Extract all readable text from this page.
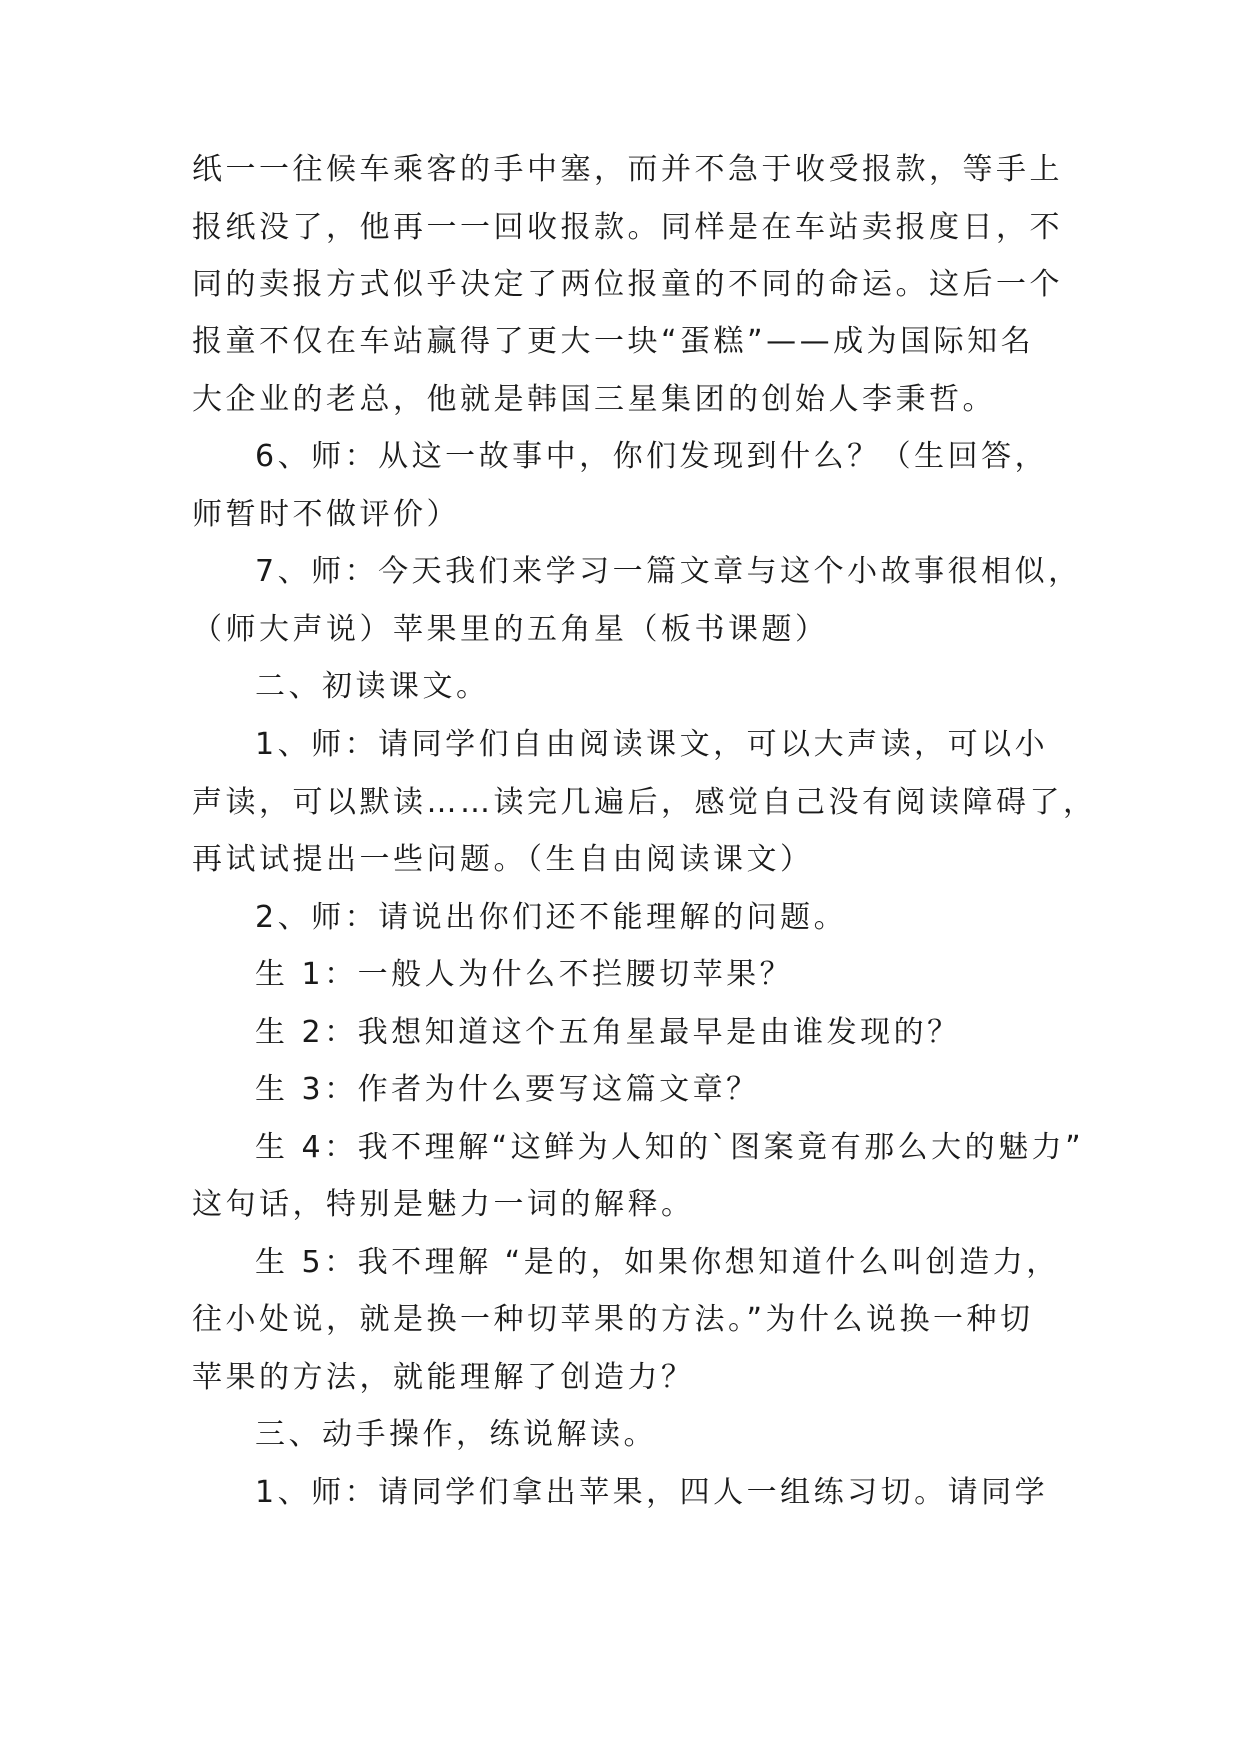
纸一一往候车乘客的手中塞，而并不急于收受报款，等手上
报纸没了，他再一一回收报款。同样是在车站卖报度日，不
同的卖报方式似乎决定了两位报童的不同的命运。这后一个
报童不仅在车站赢得了更大一块“蛋糕”——成为国际知名
大企业的老总，他就是韩国三星集团的创始人李秉哲。
6、师：从这一故事中，你们发现到什么？（生回答，
师暂时不做评价）
7、师：今天我们来学习一篇文章与这个小故事很相似，
（师大声说）苹果里的五角星（板书课题）
二、初读课文。
1、师：请同学们自由阅读课文，可以大声读，可以小
声读，可以默读……读完几遍后，感觉自己没有阅读障碍了，
再试试提出一些问题。（生自由阅读课文）
2、师：请说出你们还不能理解的问题。
生 1：一般人为什么不拦腰切苹果？
生 2：我想知道这个五角星最早是由谁发现的？
生 3：作者为什么要写这篇文章？
生 4：我不理解“这鲜为人知的`图案竟有那么大的魅力”
这句话，特别是魅力一词的解释。
生 5：我不理解 “是的，如果你想知道什么叫创造力，
往小处说，就是换一种切苹果的方法。”为什么说换一种切
苹果的方法，就能理解了创造力？
三、动手操作，练说解读。
1、师：请同学们拿出苹果，四人一组练习切。请同学
